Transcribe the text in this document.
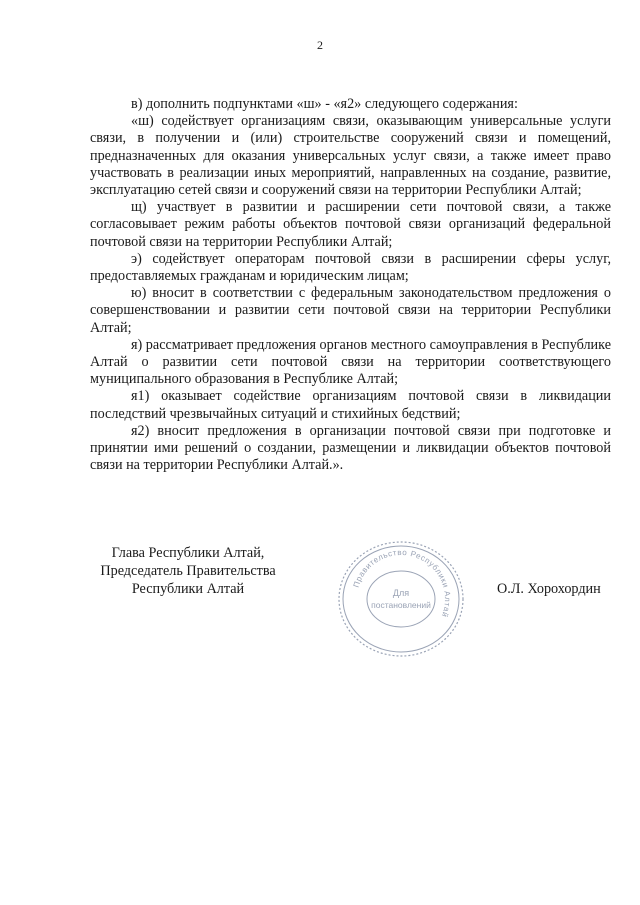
2

в) дополнить подпунктами «ш» - «я2» следующего содержания:

«ш) содействует организациям связи, оказывающим универсальные услуги связи, в получении и (или) строительстве сооружений связи и помещений, предназначенных для оказания универсальных услуг связи, а также имеет право участвовать в реализации иных мероприятий, направленных на создание, развитие, эксплуатацию сетей связи и сооружений связи на территории Республики Алтай;

щ) участвует в развитии и расширении сети почтовой связи, а также согласовывает режим работы объектов почтовой связи организаций федеральной почтовой связи на территории Республики Алтай;

э) содействует операторам почтовой связи в расширении сферы услуг, предоставляемых гражданам и юридическим лицам;

ю) вносит в соответствии с федеральным законодательством предложения о совершенствовании и развитии сети почтовой связи на территории Республики Алтай;

я) рассматривает предложения органов местного самоуправления в Республике Алтай о развитии сети почтовой связи на территории соответствующего муниципального образования в Республике Алтай;

я1) оказывает содействие организациям почтовой связи в ликвидации последствий чрезвычайных ситуаций и стихийных бедствий;

я2) вносит предложения в организации почтовой связи при подготовке и принятии ими решений о создании, размещении и ликвидации объектов почтовой связи на территории Республики Алтай.».

Глава Республики Алтай,
Председатель Правительства
Республики Алтай	О.Л. Хорохордин
Правительство Республики Алтай
Для
постановлений
